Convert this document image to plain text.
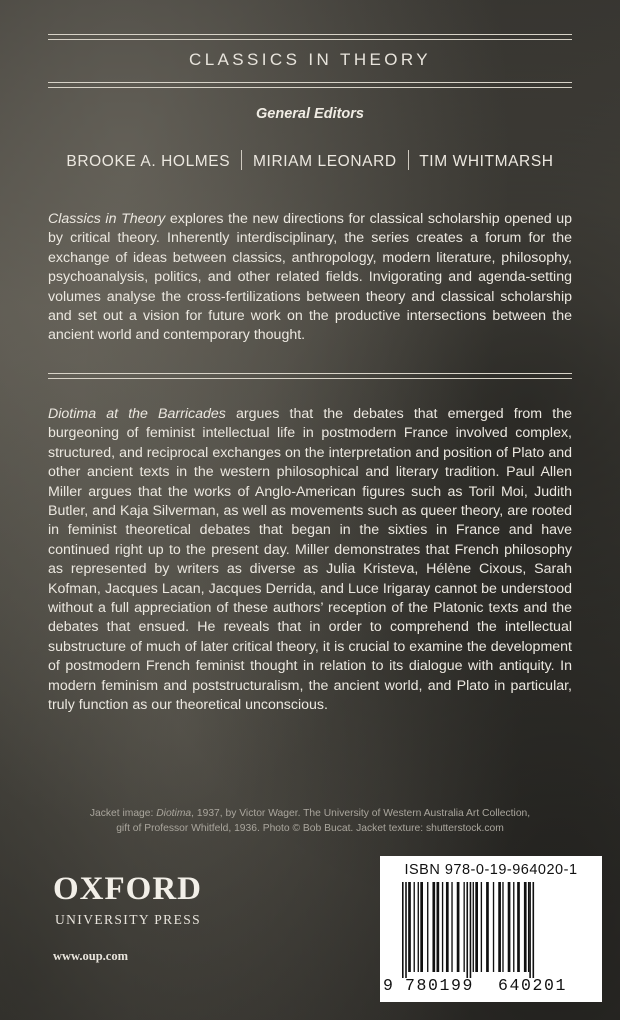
CLASSICS IN THEORY
General Editors
BROOKE A. HOLMES MIRIAM LEONARD TIM WHITMARSH

Classics in Theory explores the new directions for classical scholarship opened up by critical theory. Inherently interdisciplinary, the series creates a forum for the exchange of ideas between classics, anthropology, modern literature, philosophy, psychoanalysis, politics, and other related fields. Invigorating and agenda-setting volumes analyse the cross-fertilizations between theory and classical scholarship and set out a vision for future work on the productive intersections between the ancient world and contemporary thought.

Diotima at the Barricades argues that the debates that emerged from the burgeoning of feminist intellectual life in postmodern France involved complex, structured, and reciprocal exchanges on the interpretation and position of Plato and other ancient texts in the western philosophical and literary tradition. Paul Allen Miller argues that the works of Anglo-American figures such as Toril Moi, Judith Butler, and Kaja Silverman, as well as movements such as queer theory, are rooted in feminist theoretical debates that began in the sixties in France and have continued right up to the present day. Miller demonstrates that French philosophy as represented by writers as diverse as Julia Kristeva, Hélène Cixous, Sarah Kofman, Jacques Lacan, Jacques Derrida, and Luce Irigaray cannot be understood without a full appreciation of these authors’ reception of the Platonic texts and the debates that ensued. He reveals that in order to comprehend the intellectual substructure of much of later critical theory, it is crucial to examine the development of postmodern French feminist thought in relation to its dialogue with antiquity. In modern feminism and poststructuralism, the ancient world, and Plato in particular, truly function as our theoretical unconscious.

Jacket image: Diotima, 1937, by Victor Wager. The University of Western Australia Art Collection,
gift of Professor Whitfeld, 1936. Photo © Bob Bucat. Jacket texture: shutterstock.com
OXFORD
UNIVERSITY PRESS
www.oup.com
ISBN 978-0-19-964020-1
9 780199 640201
